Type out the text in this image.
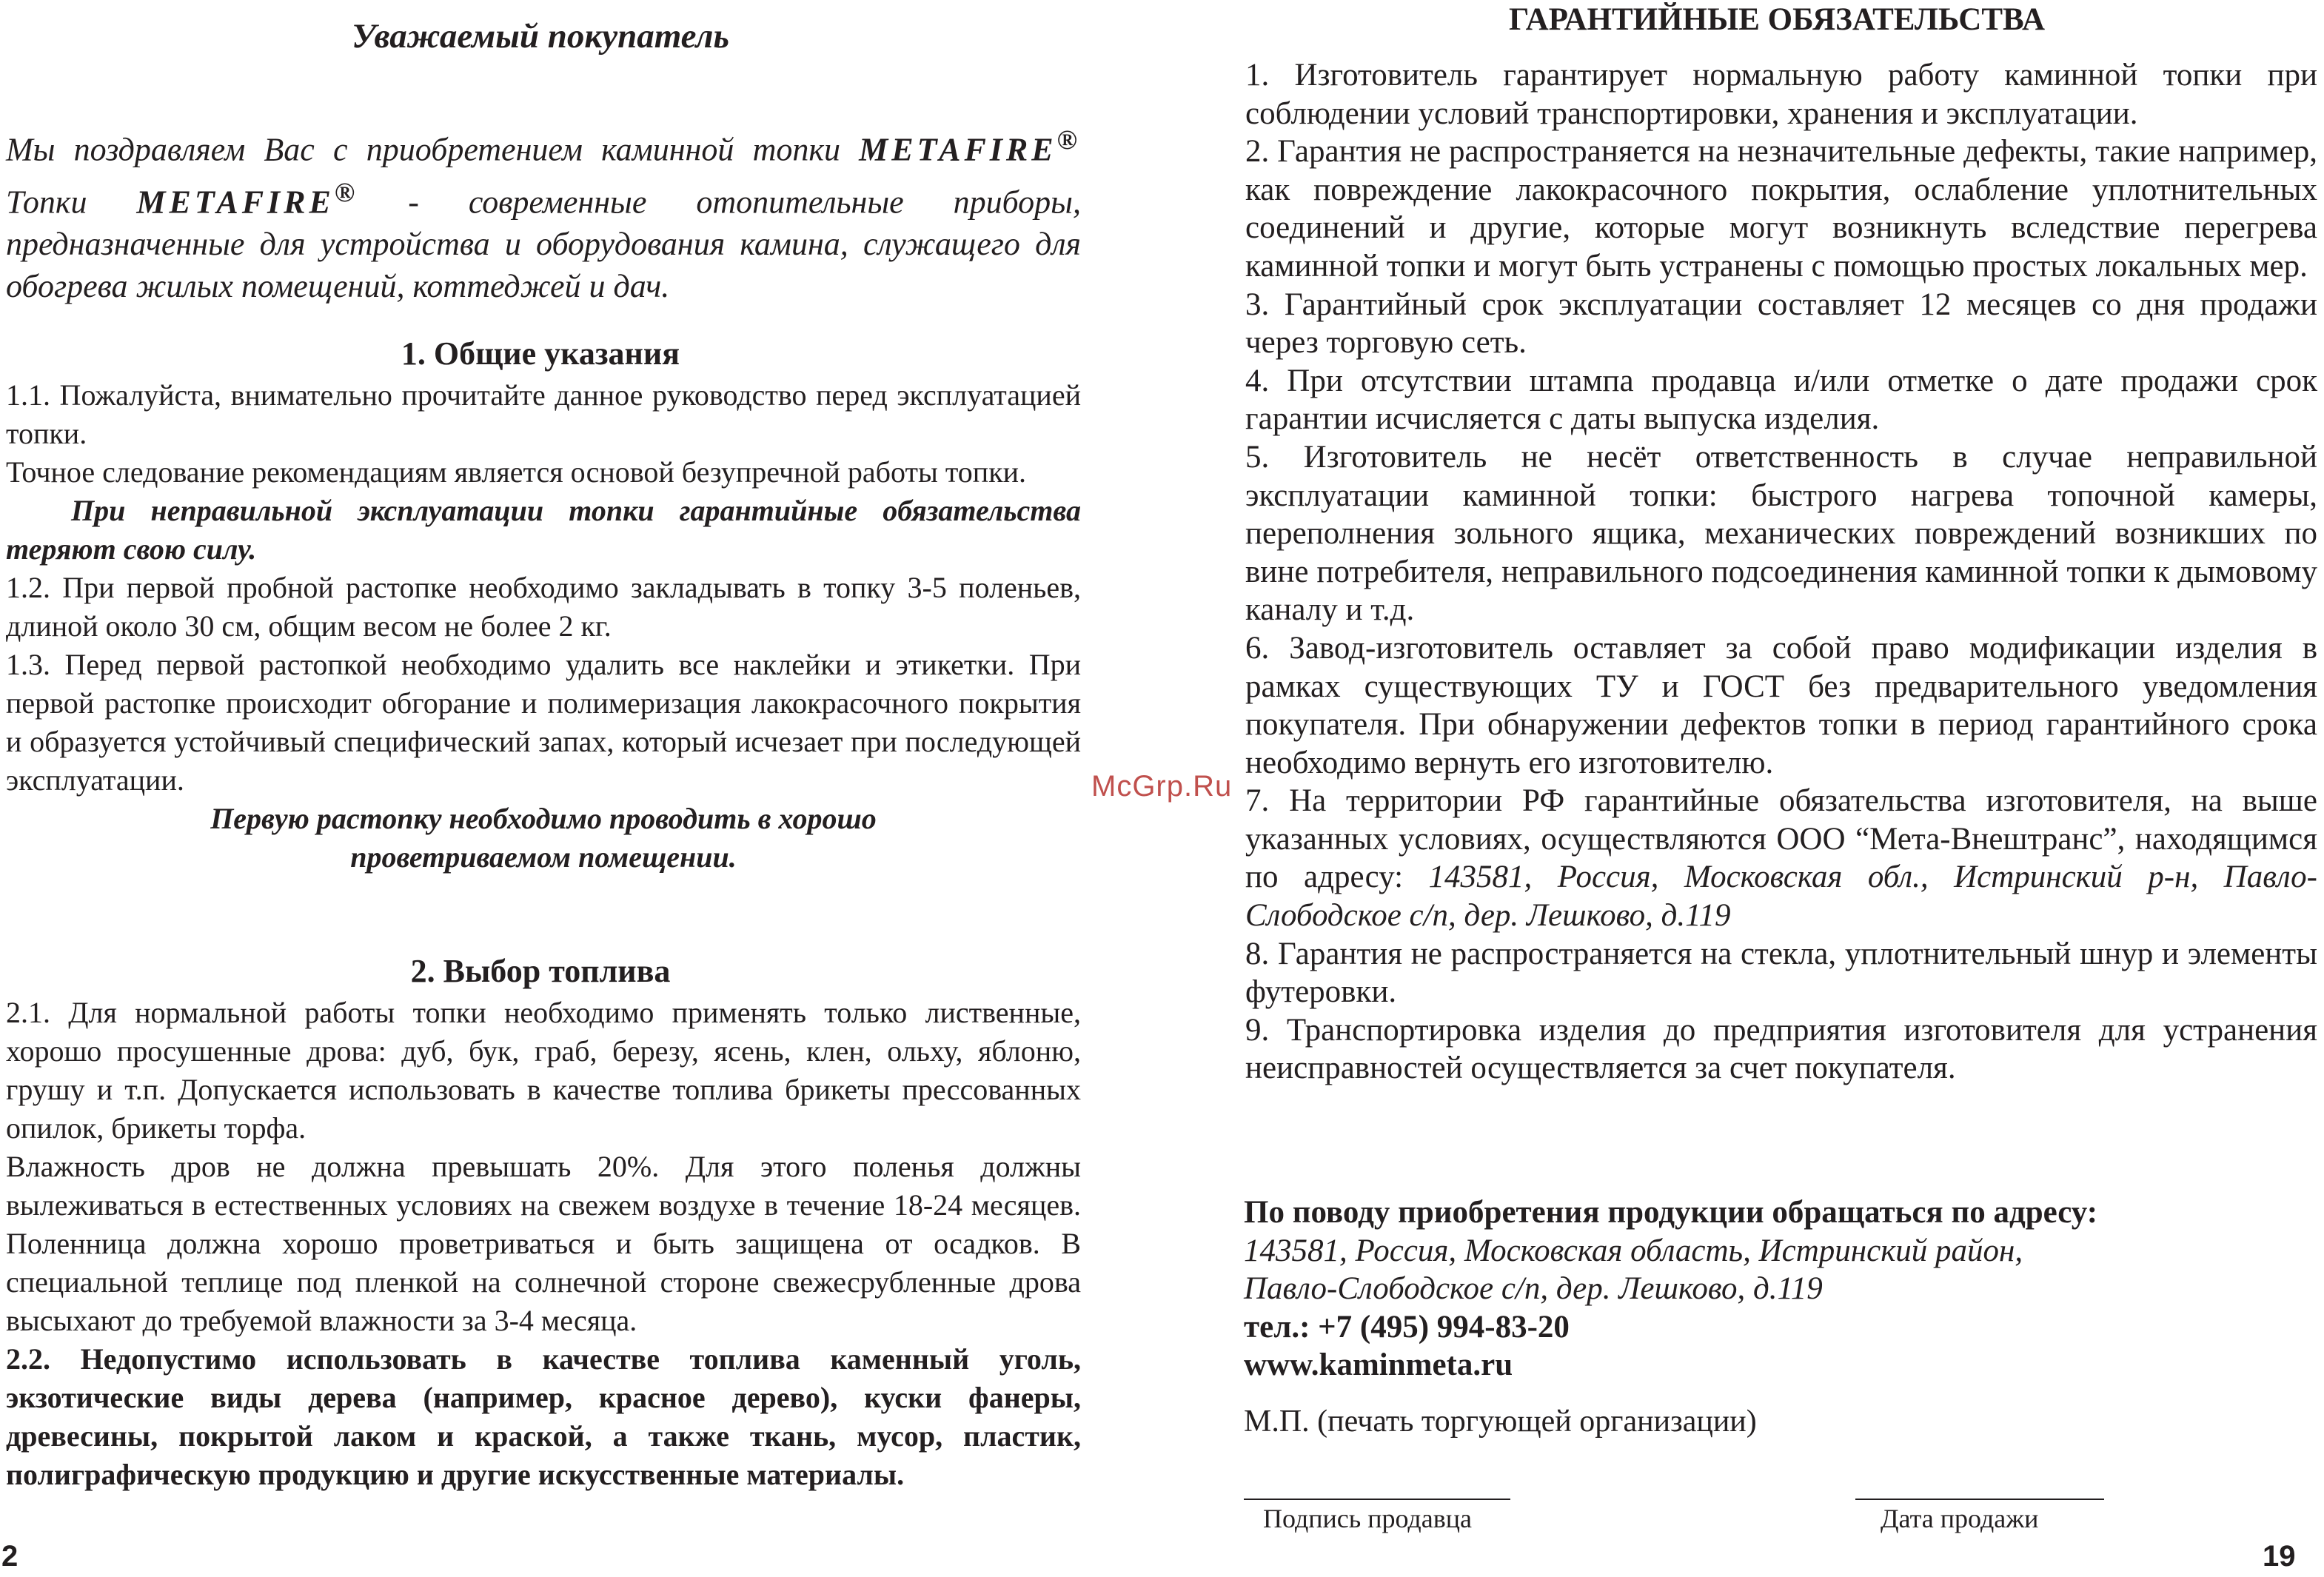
Уважаемый покупатель
Мы поздравляем Вас с приобретением каминной топки METAFIRE® Топки METAFIRE® - современные отопительные приборы, предназначенные для устройства и оборудования камина, служащего для обогрева жилых помещений, коттеджей и дач.
1. Общие указания

1.1. Пожалуйста, внимательно прочитайте данное руководство перед эксплуатацией топки.

Точное следование рекомендациям является основой безупречной работы топки.

При неправильной эксплуатации топки гарантийные обязательства теряют свою силу.

1.2. При первой пробной растопке необходимо закладывать в топку 3-5 поленьев, длиной около 30 см, общим весом не более 2 кг.

1.3. Перед первой растопкой необходимо удалить все наклейки и этикетки. При первой растопке происходит обгорание и полимеризация лакокрасочного покрытия и образуется устойчивый специфический запах, который исчезает при последующей эксплуатации.

Первую растопку необходимо проводить в хорошо

проветриваемом помещении.

2. Выбор топлива

2.1. Для нормальной работы топки необходимо применять только лиственные, хорошо просушенные дрова: дуб, бук, граб, березу, ясень, клен, ольху, яблоню, грушу и т.п. Допускается использовать в качестве топлива брикеты прессованных опилок, брикеты торфа.

Влажность дров не должна превышать 20%. Для этого поленья должны вылеживаться в естественных условиях на свежем воздухе в течение 18-24 месяцев. Поленница должна хорошо проветриваться и быть защищена от осадков. В специальной теплице под пленкой на солнечной стороне свежесрубленные дрова высыхают до требуемой влажности за 3-4 месяца.

2.2. Недопустимо использовать в качестве топлива каменный уголь, экзотические виды дерева (например, красное дерево), куски фанеры, древесины, покрытой лаком и краской, а также ткань, мусор, пластик, полиграфическую продукцию и другие искусственные материалы.

2
McGrp.Ru
ГАРАНТИЙНЫЕ ОБЯЗАТЕЛЬСТВА

1. Изготовитель гарантирует нормальную работу каминной топки при соблюдении условий транспортировки, хранения и эксплуатации.

2. Гарантия не распространяется на незначительные дефекты, такие например, как повреждение лакокрасочного покрытия, ослабление уплотнительных соединений и другие, которые могут возникнуть вследствие перегрева каминной топки и могут быть устранены с помощью простых локальных мер.

3. Гарантийный срок эксплуатации составляет 12 месяцев со дня продажи через торговую сеть.

4. При отсутствии штампа продавца и/или отметке о дате продажи срок гарантии исчисляется с даты выпуска изделия.

5. Изготовитель не несёт ответственность в случае неправильной эксплуатации каминной топки: быстрого нагрева топочной камеры, переполнения зольного ящика, механических повреждений возникших по вине потребителя, неправильного подсоединения каминной топки к дымовому каналу и т.д.

6. Завод-изготовитель оставляет за собой право модификации изделия в рамках существующих ТУ и ГОСТ без предварительного уведомления покупателя. При обнаружении дефектов топки в период гарантийного срока необходимо вернуть его изготовителю.

7. На территории РФ гарантийные обязательства изготовителя, на выше указанных условиях, осуществляются ООО “Мета-Внештранс”, находящимся по адресу: 143581, Россия, Московская обл., Истринский р-н, Павло-Слободское с/п, дер. Лешково, д.119

8. Гарантия не распространяется на стекла, уплотнительный шнур и элементы футеровки.

9. Транспортировка изделия до предприятия изготовителя для устранения неисправностей осуществляется за счет покупателя.

По поводу приобретения продукции обращаться по адресу:

143581, Россия, Московская область, Истринский район,

Павло-Слободское с/п, дер. Лешково, д.119

тел.: +7 (495) 994-83-20

www.kaminmeta.ru

М.П. (печать торгующей организации)
Подпись продавца	Дата продажи
19
